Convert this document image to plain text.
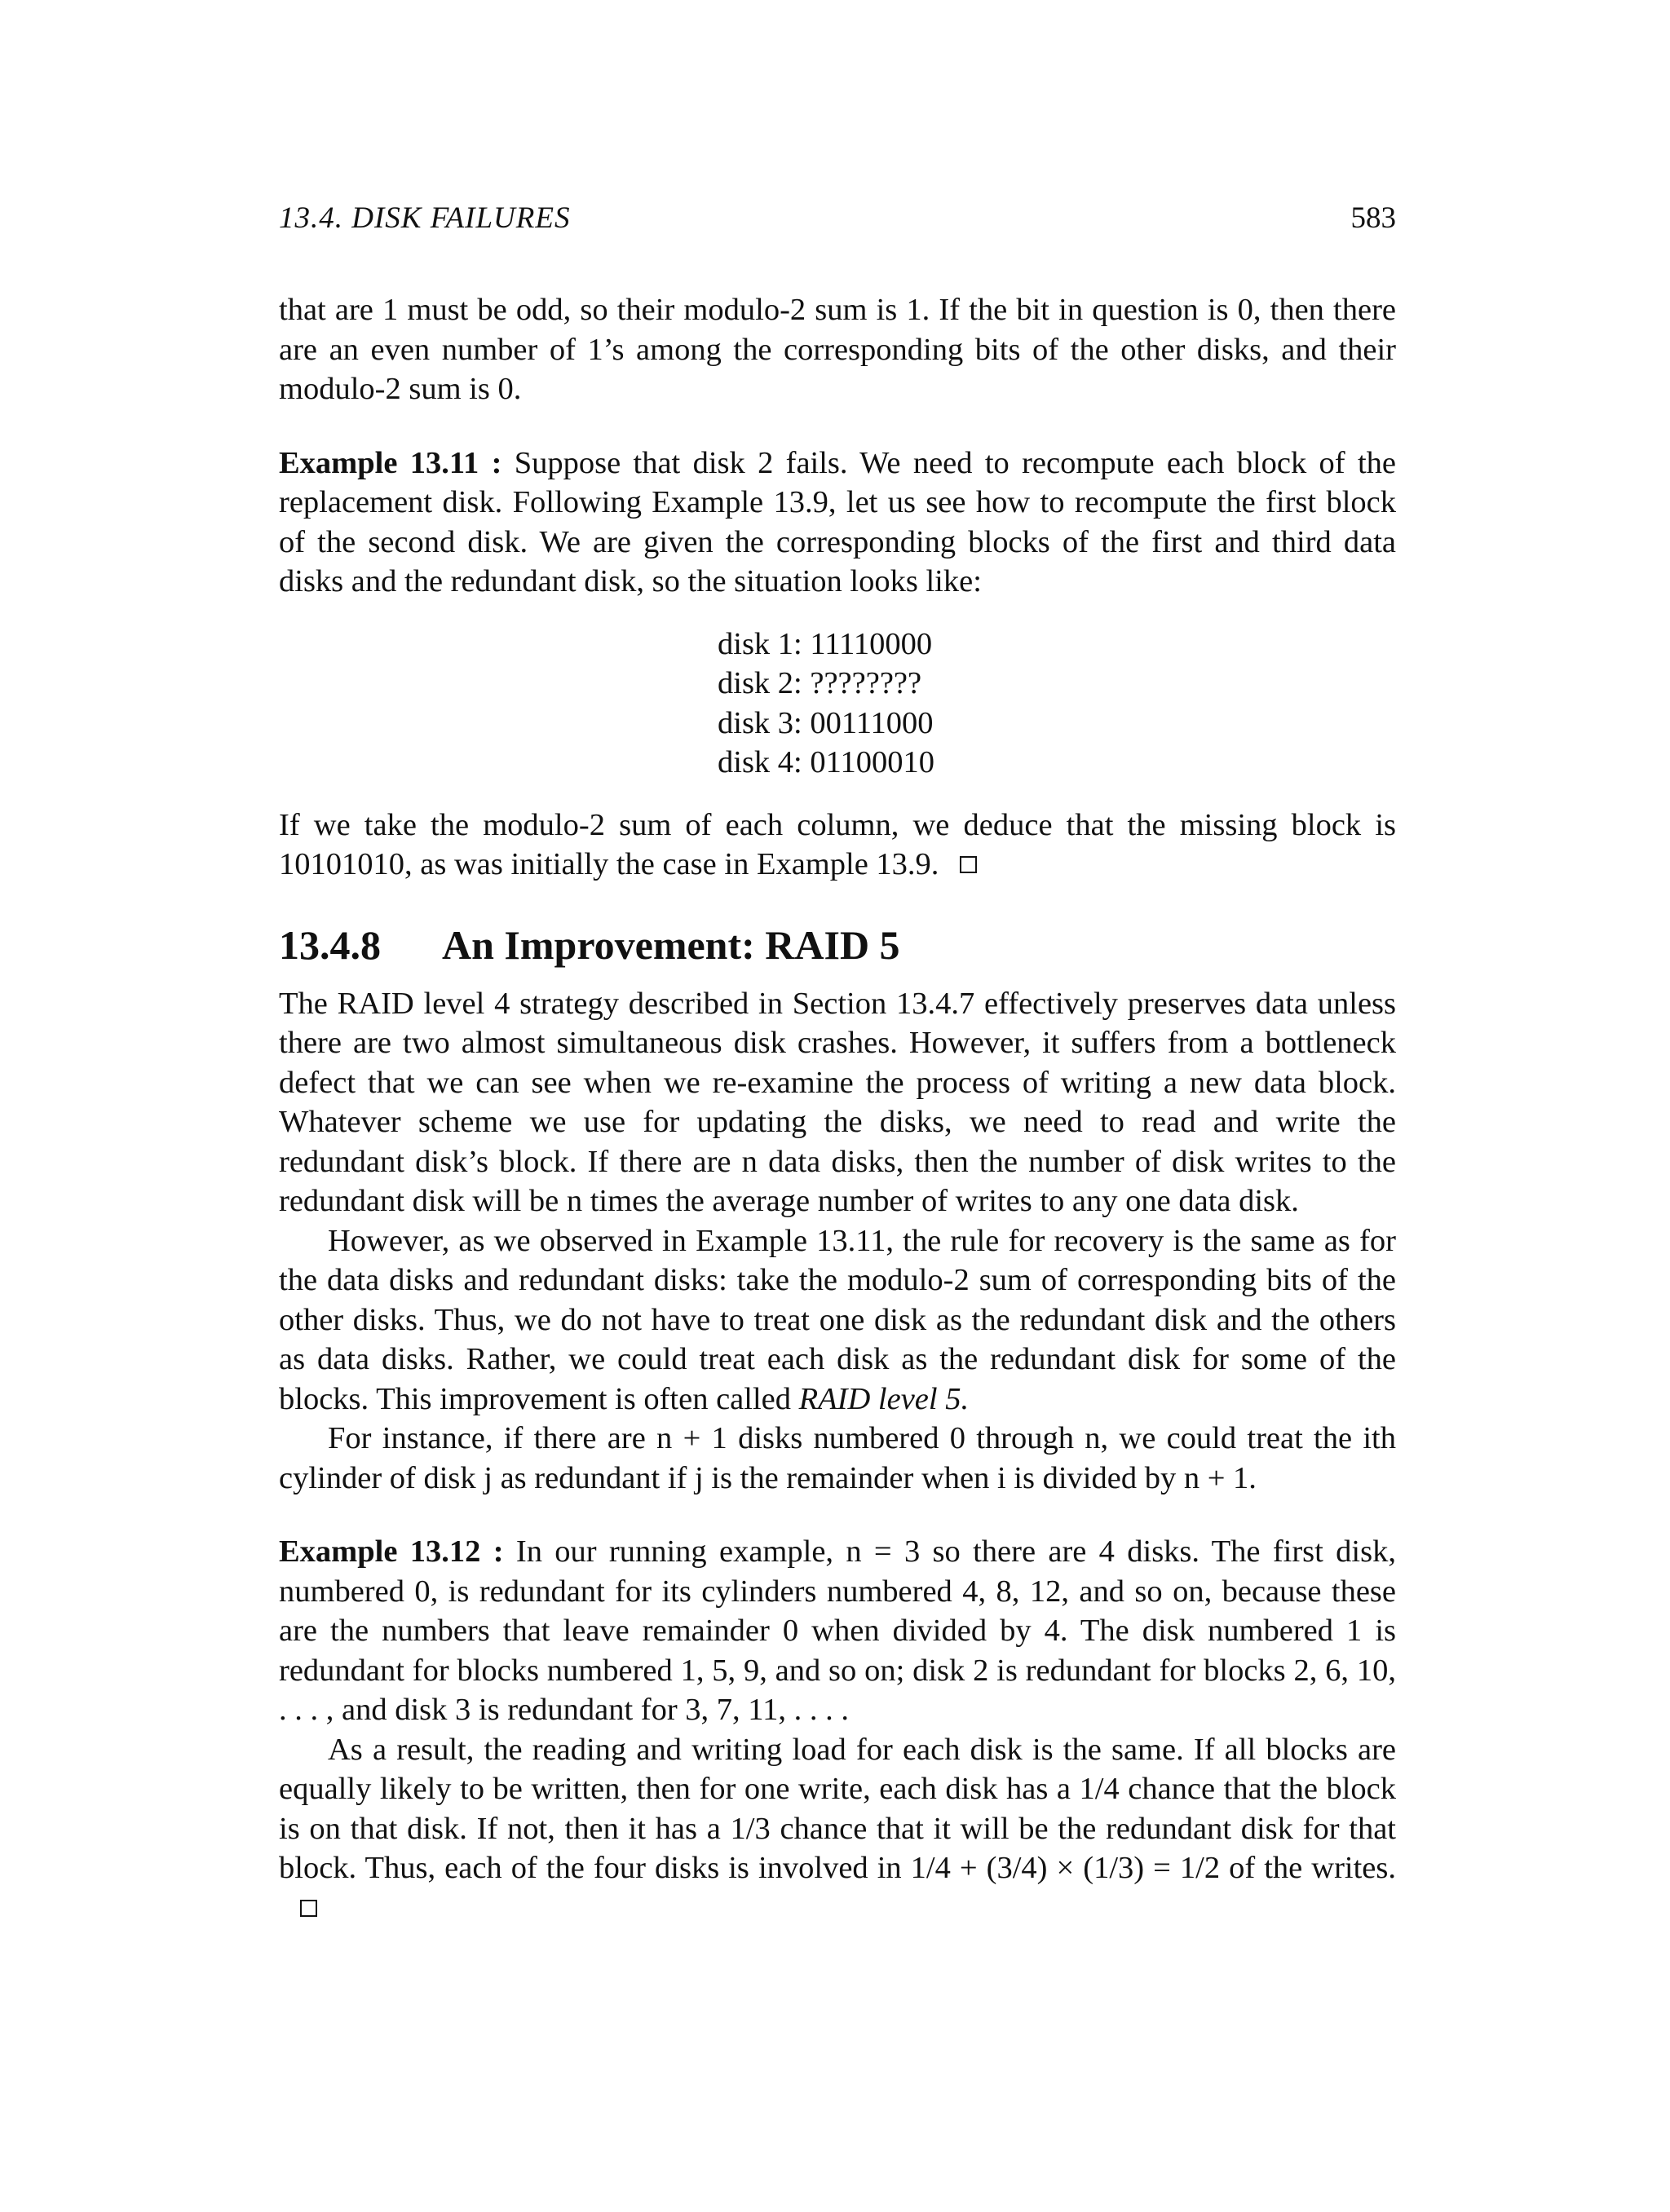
13.4. DISK FAILURES	583

that are 1 must be odd, so their modulo-2 sum is 1. If the bit in question is 0, then there are an even number of 1’s among the corresponding bits of the other disks, and their modulo-2 sum is 0.

Example 13.11 : Suppose that disk 2 fails. We need to recompute each block of the replacement disk. Following Example 13.9, let us see how to recompute the first block of the second disk. We are given the corresponding blocks of the first and third data disks and the redundant disk, so the situation looks like:

disk 1: 11110000
disk 2: ????????
disk 3: 00111000
disk 4: 01100010

If we take the modulo-2 sum of each column, we deduce that the missing block is 10101010, as was initially the case in Example 13.9.

13.4.8 An Improvement: RAID 5

The RAID level 4 strategy described in Section 13.4.7 effectively preserves data unless there are two almost simultaneous disk crashes. However, it suffers from a bottleneck defect that we can see when we re-examine the process of writing a new data block. Whatever scheme we use for updating the disks, we need to read and write the redundant disk’s block. If there are n data disks, then the number of disk writes to the redundant disk will be n times the average number of writes to any one data disk.

However, as we observed in Example 13.11, the rule for recovery is the same as for the data disks and redundant disks: take the modulo-2 sum of corresponding bits of the other disks. Thus, we do not have to treat one disk as the redundant disk and the others as data disks. Rather, we could treat each disk as the redundant disk for some of the blocks. This improvement is often called RAID level 5.

For instance, if there are n + 1 disks numbered 0 through n, we could treat the ith cylinder of disk j as redundant if j is the remainder when i is divided by n + 1.

Example 13.12 : In our running example, n = 3 so there are 4 disks. The first disk, numbered 0, is redundant for its cylinders numbered 4, 8, 12, and so on, because these are the numbers that leave remainder 0 when divided by 4. The disk numbered 1 is redundant for blocks numbered 1, 5, 9, and so on; disk 2 is redundant for blocks 2, 6, 10, . . . , and disk 3 is redundant for 3, 7, 11, . . . .

As a result, the reading and writing load for each disk is the same. If all blocks are equally likely to be written, then for one write, each disk has a 1/4 chance that the block is on that disk. If not, then it has a 1/3 chance that it will be the redundant disk for that block. Thus, each of the four disks is involved in 1/4 + (3/4) × (1/3) = 1/2 of the writes.
